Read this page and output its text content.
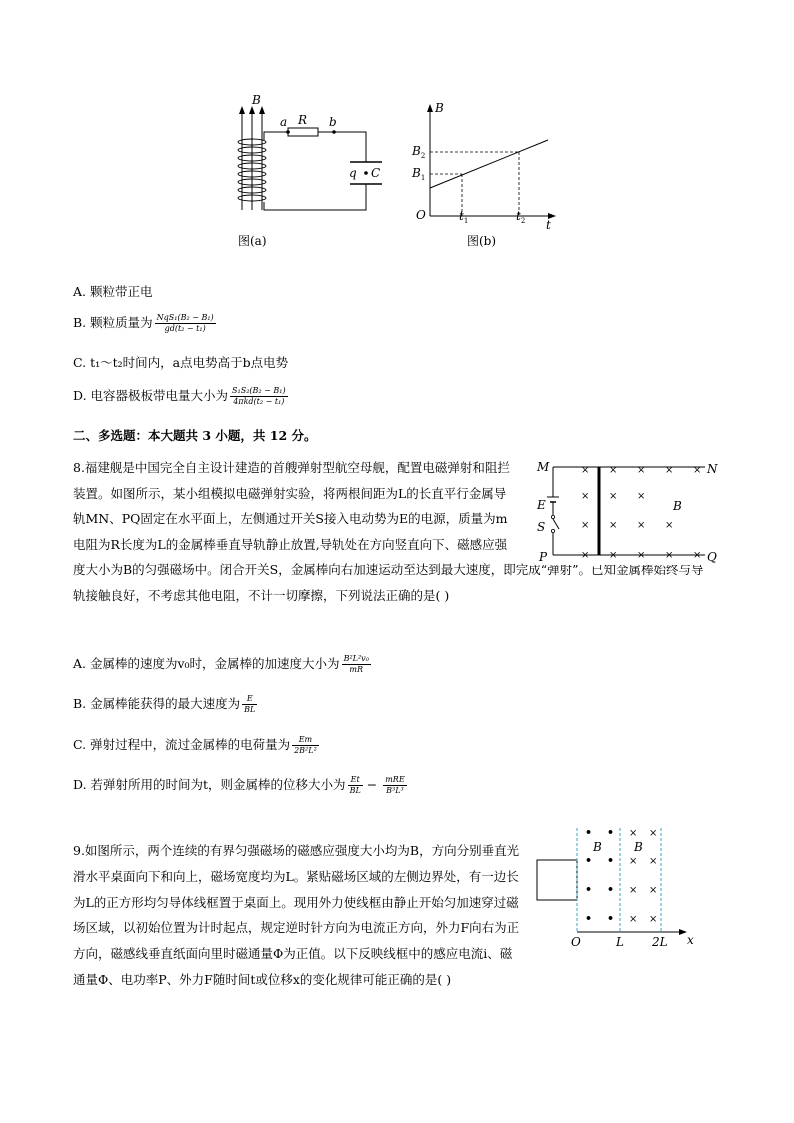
B
a R b
q C
图(a)
B
t
O
$B_2$
$B_1$
$t_1$	$t_2$
图(b)
A. 颗粒带正电
B. 颗粒质量为 $\frac{\text{NqS₁(B₂ − B₁)}}{\text{gd(t₂ − t₁)}}$
C. t₁～t₂时间内，a点电势高于b点电势
D. 电容器极板带电量大小为 $\frac{\text{S₁S₂(B₂ − B₁)}}{\text{4πkd(t₂ − t₁)}}$
二、多选题：本大题共 3 小题，共 12 分。
8.福建舰是中国完全自主设计建造的首艘弹射型航空母舰，配置电磁弹射和阻拦装置。如图所示，某小组模拟电磁弹射实验，将两根间距为L的长直平行金属导轨MN、PQ固定在水平面上，左侧通过开关S接入电动势为E的电源，质量为m电阻为R长度为L的金属棒垂直导轨静止放置,导轨处在方向竖直向下、磁感应强度大小为B的匀强磁场中。闭合开关S，金属棒向右加速运动至达到最大速度，即完成“弹射”。已知金属棒始终与导轨接触良好，不考虑其他电阻，不计一切摩擦，下列说法正确的是( )
M	N
E
S
P	Q
B
× × × × ×
× × ×
× × × ×
× × × × ×
A. 金属棒的速度为v₀时，金属棒的加速度大小为 $\frac{\text{B²L²v₀}}{mR}$
B. 金属棒能获得的最大速度为 $\frac{E}{BL}$
C. 弹射过程中，流过金属棒的电荷量为 $\frac{Em}{\text{2B²L²}}$
D. 若弹射所用的时间为t，则金属棒的位移大小为 $\frac{Et}{BL} - \frac{\text{mRE}}{\text{B³L³}}$
9.如图所示，两个连续的有界匀强磁场的磁感应强度大小均为B，方向分别垂直光滑水平桌面向下和向上，磁场宽度均为L。紧贴磁场区域的左侧边界处，有一边长为L的正方形均匀导体线框置于桌面上。现用外力使线框由静止开始匀加速穿过磁场区域，以初始位置为计时起点，规定逆时针方向为电流正方向，外力F向右为正方向，磁感线垂直纸面向里时磁通量Φ为正值。以下反映线框中的感应电流i、磁通量Φ、电功率P、外力F随时间t或位移x的变化规律可能正确的是( )
B	B
O	L 2L x
• • × ×
• • × ×
• • × ×
• • × ×
